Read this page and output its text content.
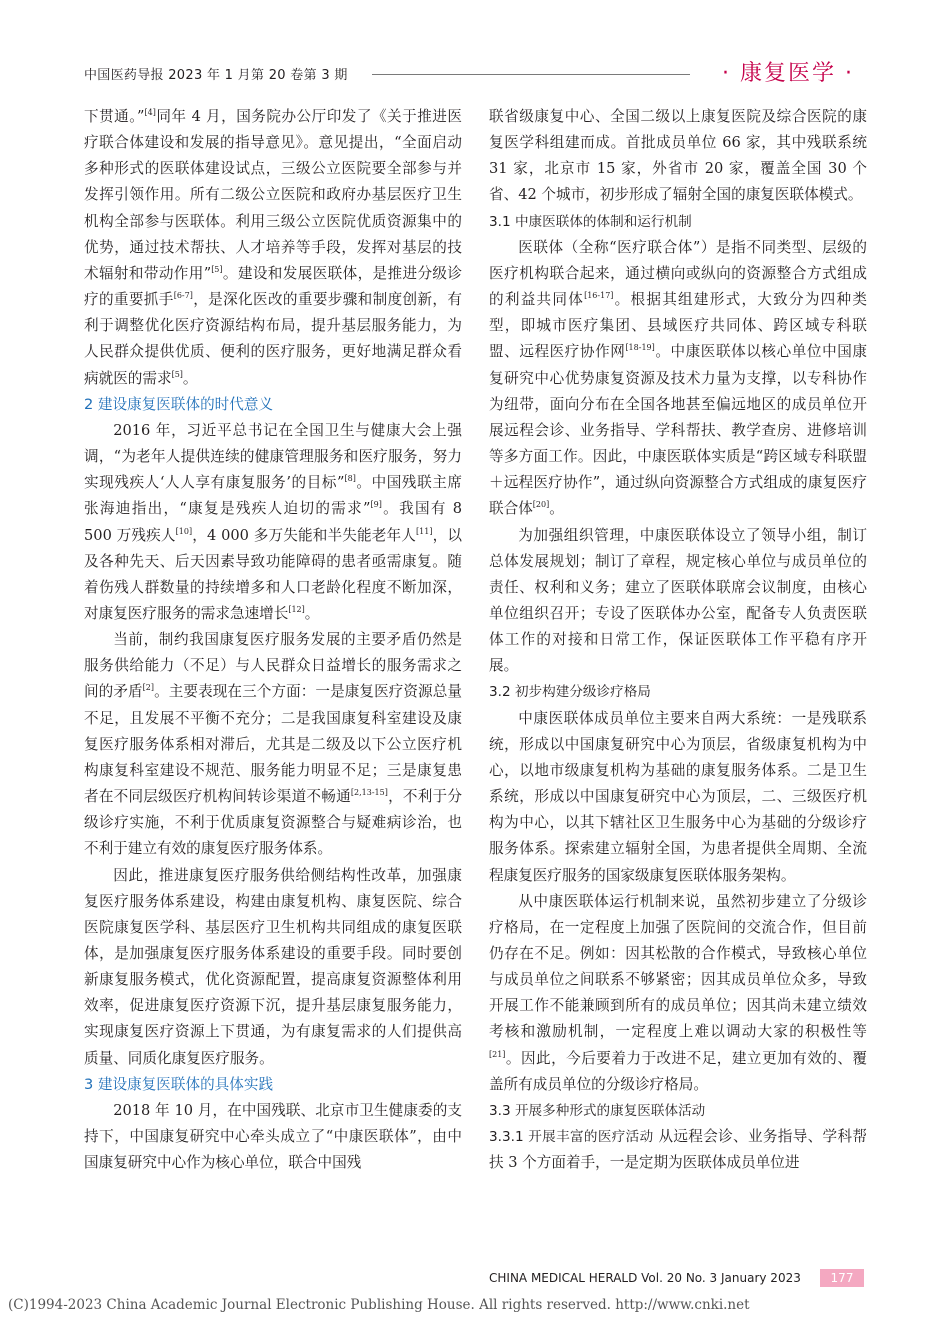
中国医药导报 2023 年 1 月第 20 卷第 3 期	· 康复医学 ·

下贯通。”[4]同年 4 月，国务院办公厅印发了《关于推进医疗联合体建设和发展的指导意见》。意见提出，“全面启动多种形式的医联体建设试点，三级公立医院要全部参与并发挥引领作用。所有二级公立医院和政府办基层医疗卫生机构全部参与医联体。利用三级公立医院优质资源集中的优势，通过技术帮扶、人才培养等手段，发挥对基层的技术辐射和带动作用”[5]。建设和发展医联体，是推进分级诊疗的重要抓手[6-7]，是深化医改的重要步骤和制度创新，有利于调整优化医疗资源结构布局，提升基层服务能力，为人民群众提供优质、便利的医疗服务，更好地满足群众看病就医的需求[5]。

2 建设康复医联体的时代意义

2016 年，习近平总书记在全国卫生与健康大会上强调，“为老年人提供连续的健康管理服务和医疗服务，努力实现残疾人‘人人享有康复服务’的目标”[8]。中国残联主席张海迪指出，“康复是残疾人迫切的需求”[9]。我国有 8 500 万残疾人[10]，4 000 多万失能和半失能老年人[11]，以及各种先天、后天因素导致功能障碍的患者亟需康复。随着伤残人群数量的持续增多和人口老龄化程度不断加深，对康复医疗服务的需求急速增长[12]。

当前，制约我国康复医疗服务发展的主要矛盾仍然是服务供给能力（不足）与人民群众日益增长的服务需求之间的矛盾[2]。主要表现在三个方面：一是康复医疗资源总量不足，且发展不平衡不充分；二是我国康复科室建设及康复医疗服务体系相对滞后，尤其是二级及以下公立医疗机构康复科室建设不规范、服务能力明显不足；三是康复患者在不同层级医疗机构间转诊渠道不畅通[2,13-15]，不利于分级诊疗实施，不利于优质康复资源整合与疑难病诊治，也不利于建立有效的康复医疗服务体系。

因此，推进康复医疗服务供给侧结构性改革，加强康复医疗服务体系建设，构建由康复机构、康复医院、综合医院康复医学科、基层医疗卫生机构共同组成的康复医联体，是加强康复医疗服务体系建设的重要手段。同时要创新康复服务模式，优化资源配置，提高康复资源整体利用效率，促进康复医疗资源下沉，提升基层康复服务能力，实现康复医疗资源上下贯通，为有康复需求的人们提供高质量、同质化康复医疗服务。

3 建设康复医联体的具体实践

2018 年 10 月，在中国残联、北京市卫生健康委的支持下，中国康复研究中心牵头成立了“中康医联体”，由中国康复研究中心作为核心单位，联合中国残

联省级康复中心、全国二级以上康复医院及综合医院的康复医学科组建而成。首批成员单位 66 家，其中残联系统 31 家，北京市 15 家，外省市 20 家，覆盖全国 30 个省、42 个城市，初步形成了辐射全国的康复医联体模式。

3.1 中康医联体的体制和运行机制

医联体（全称“医疗联合体”）是指不同类型、层级的医疗机构联合起来，通过横向或纵向的资源整合方式组成的利益共同体[16-17]。根据其组建形式，大致分为四种类型，即城市医疗集团、县域医疗共同体、跨区域专科联盟、远程医疗协作网[18-19]。中康医联体以核心单位中国康复研究中心优势康复资源及技术力量为支撑，以专科协作为纽带，面向分布在全国各地甚至偏远地区的成员单位开展远程会诊、业务指导、学科帮扶、教学查房、进修培训等多方面工作。因此，中康医联体实质是“跨区域专科联盟＋远程医疗协作”，通过纵向资源整合方式组成的康复医疗联合体[20]。

为加强组织管理，中康医联体设立了领导小组，制订总体发展规划；制订了章程，规定核心单位与成员单位的责任、权利和义务；建立了医联体联席会议制度，由核心单位组织召开；专设了医联体办公室，配备专人负责医联体工作的对接和日常工作，保证医联体工作平稳有序开展。

3.2 初步构建分级诊疗格局

中康医联体成员单位主要来自两大系统：一是残联系统，形成以中国康复研究中心为顶层，省级康复机构为中心，以地市级康复机构为基础的康复服务体系。二是卫生系统，形成以中国康复研究中心为顶层，二、三级医疗机构为中心，以其下辖社区卫生服务中心为基础的分级诊疗服务体系。探索建立辐射全国，为患者提供全周期、全流程康复医疗服务的国家级康复医联体服务架构。

从中康医联体运行机制来说，虽然初步建立了分级诊疗格局，在一定程度上加强了医院间的交流合作，但目前仍存在不足。例如：因其松散的合作模式，导致核心单位与成员单位之间联系不够紧密；因其成员单位众多，导致开展工作不能兼顾到所有的成员单位；因其尚未建立绩效考核和激励机制，一定程度上难以调动大家的积极性等[21]。因此，今后要着力于改进不足，建立更加有效的、覆盖所有成员单位的分级诊疗格局。

3.3 开展多种形式的康复医联体活动

3.3.1 开展丰富的医疗活动 从远程会诊、业务指导、学科帮扶 3 个方面着手，一是定期为医联体成员单位进

CHINA MEDICAL HERALD Vol. 20 No. 3 January 2023	177
(C)1994-2023 China Academic Journal Electronic Publishing House. All rights reserved. http://www.cnki.net
